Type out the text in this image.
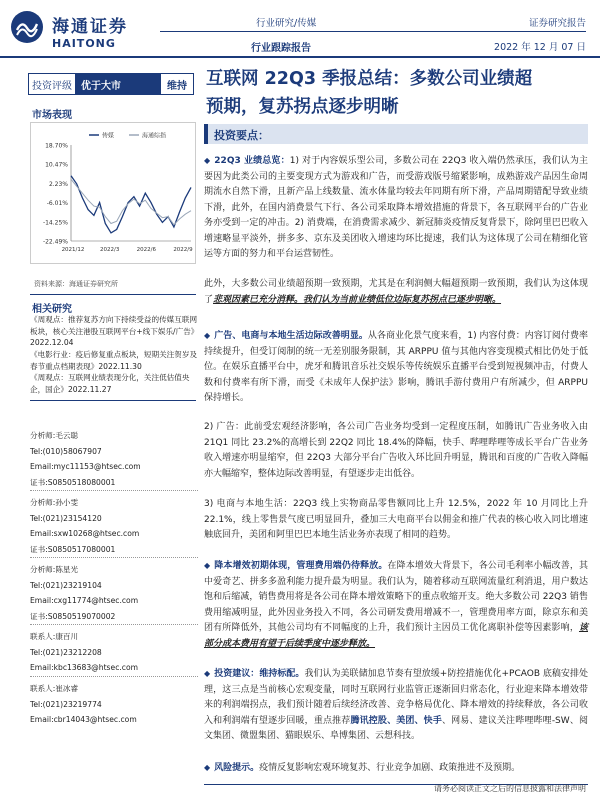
海通证券
HAITONG
行业研究/传媒
行业跟踪报告
证券研究报告
2022 年 12 月 07 日
投资评级 优于大市	维持
市场表现
-22.49%
-14.25%
-6.01%
2.23%
10.47%
18.70%
2021/12	2022/3	2022/6	2022/9
传媒	海通综指
资料来源：海通证券研究所
相关研究
《周观点：推荐复苏方向下持续受益的传媒互联网板块，核心关注港股互联网平台+线下娱乐/广告》2022.12.04
《电影行业：疫后修复重点板块，短期关注贺岁及春节重点档期表现》2022.11.30
《周观点：互联网业绩表现分化，关注低估值央企，国企》2022.11.27
分析师:毛云聪
Tel:(010)58067907
Email:myc11153@htsec.com
证书:S0850518080001
分析师:孙小雯
Tel:(021)23154120
Email:sxw10268@htsec.com
证书:S0850517080001
分析师:陈星光
Tel:(021)23219104
Email:cxg11774@htsec.com
证书:S0850519070002
联系人:康百川
Tel:(021)23212208
Email:kbc13683@htsec.com
联系人:崔冰睿
Tel:(021)23219774
Email:cbr14043@htsec.com
互联网 22Q3 季报总结：多数公司业绩超
预期，复苏拐点逐步明晰
投资要点：
◆ 22Q3 业绩总览：1) 对于内容娱乐型公司，多数公司在 22Q3 收入端仍然承压，我们认为主要因为此类公司的主要变现方式为游戏和广告，而受游戏版号缩紧影响，成熟游戏产品因生命周期流水自然下滑，且新产品上线数量、流水体量均较去年同期有所下滑，产品周期错配导致业绩下滑，此外，在国内消费景气下行、各公司采取降本增效措施的背景下，各互联网平台的广告业务亦受到一定的冲击。2) 消费端，在消费需求减少、新冠肺炎疫情反复背景下，除阿里巴巴收入增速略显平淡外，拼多多、京东及美团收入增速均环比提速，我们认为这体现了公司在精细化管运等方面的努力和平台运营韧性。
此外，大多数公司业绩超预期一致预期，尤其是在利润侧大幅超预期一致预期，我们认为这体现了悲观因素已充分消释。我们认为当前业绩低位边际复苏拐点已逐步明晰。
◆ 广告、电商与本地生活边际改善明显。从各商业化景气度来看，1) 内容付费：内容订阅付费率持续提升，但受订阅制的统一无差别服务限制，其 ARPPU 值与其他内容变现模式相比仍处于低位。在娱乐直播平台中，虎牙和腾讯音乐社交娱乐等传统娱乐直播平台受到短视频冲击，付费人数和付费率有所下滑，而受《未成年人保护法》影响，腾讯手游付费用户有所减少，但 ARPPU 保持增长。
2) 广告：此前受宏观经济影响，各公司广告业务均受到一定程度压制，如腾讯广告业务收入由 21Q1 同比 23.2%的高增长到 22Q2 同比 18.4%的降幅，快手、哔哩哔哩等成长平台广告业务收入增速亦明显缩窄，但 22Q3 大部分平台广告收入环比回升明显，腾讯和百度的广告收入降幅亦大幅缩窄，整体边际改善明显，有望逐步走出低谷。
3) 电商与本地生活：22Q3 线上实物商品零售额同比上升 12.5%，2022 年 10 月同比上升 22.1%，线上零售景气度已明显回升，叠加三大电商平台以佣金和推广代表的核心收入同比增速触底回升，美团和阿里巴巴本地生活业务亦表现了相同的趋势。
◆ 降本增效初期体现，管理费用端仍待释放。在降本增效大背景下，各公司毛利率小幅改善，其中爱奇艺、拼多多盈利能力提升最为明显。我们认为，随着移动互联网流量红利消退，用户数达饱和后缩减，销售费用将是各公司在降本增效策略下的重点收缩开支。绝大多数公司 22Q3 销售费用缩减明显，此外因业务投入不同，各公司研发费用增减不一，管理费用率方面，除京东和美团有所降低外，其他公司均有不同幅度的上升，我们预计主因员工优化离职补偿等因素影响，该部分成本费用有望于后续季度中逐步释放。
◆ 投资建议：维持标配。我们认为美联储加息节奏有望放缓+防控措施优化+PCAOB 底稿安排处理，这三点是当前核心宏观变量，同时互联网行业监管正逐渐回归常态化，行业迎来降本增效带来的利润端拐点，我们预计随着后续经济改善、竞争格局优化、降本增效的持续释放，各公司收入和利润端有望逐步回暖，重点推荐腾讯控股、美团、快手、网易、建议关注哔哩哔哩-SW、阅文集团、微盟集团、猫眼娱乐、阜博集团、云想科技。
◆ 风险提示。疫情反复影响宏观环境复苏、行业竞争加剧、政策推进不及预期。
请务必阅读正文之后的信息披露和法律声明
